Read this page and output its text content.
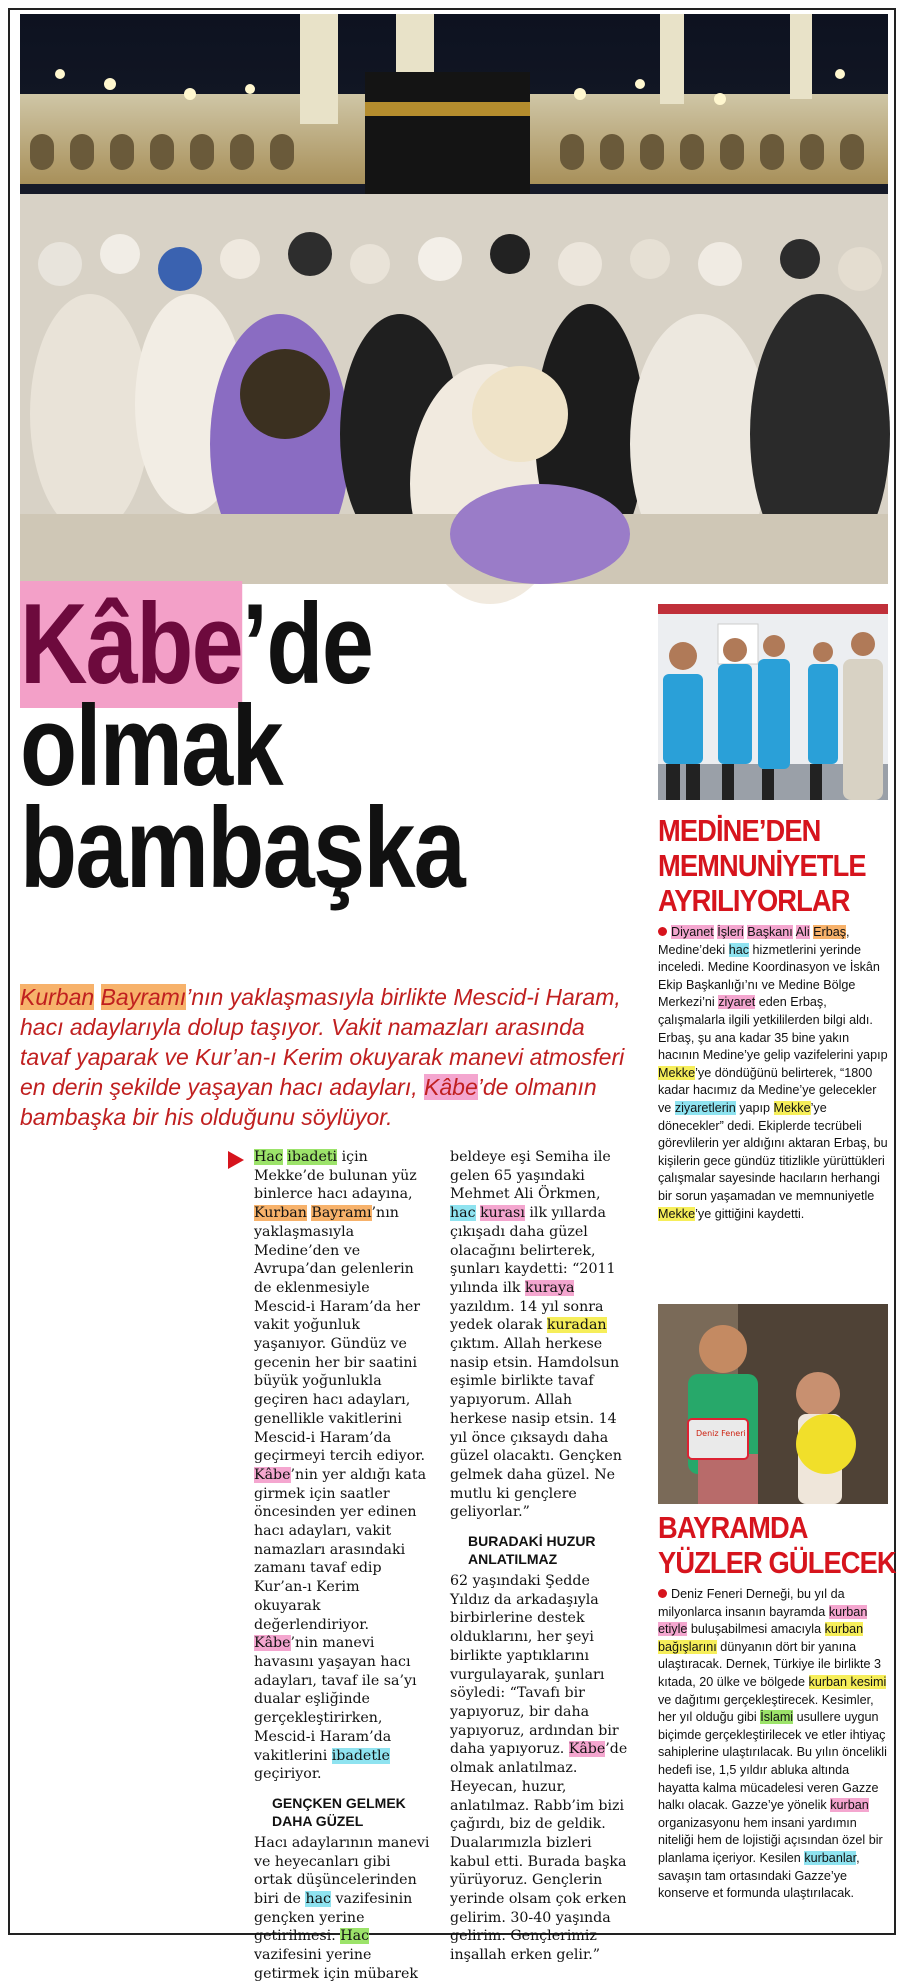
Kâbe’de
olmak
bambaşka
Kurban Bayramı’nın yaklaşmasıyla birlikte Mescid-i Haram, hacı adaylarıyla dolup taşıyor. Vakit namazları arasında tavaf yaparak ve Kur’an-ı Kerim okuyarak manevi atmosferi en derin şekilde yaşayan hacı adayları, Kâbe’de olmanın bambaşka bir his olduğunu söylüyor.

Hac ibadeti için Mekke’de bulunan yüz binlerce hacı adayına, Kurban Bayramı’nın yaklaşmasıyla Medine’den ve Avrupa’dan gelenlerin de eklenmesiyle Mescid-i Haram’da her vakit yoğunluk yaşanıyor. Gündüz ve gecenin her bir saatini büyük yoğunlukla geçiren hacı adayları, genellikle vakitlerini Mescid-i Haram’da geçirmeyi tercih ediyor. Kâbe’nin yer aldığı kata girmek için saatler öncesinden yer edinen hacı adayları, vakit namazları arasındaki zamanı tavaf edip Kur’an-ı Kerim okuyarak değerlendiriyor. Kâbe’nin manevi havasını yaşayan hacı adayları, tavaf ile sa’yı dualar eşliğinde gerçekleştirirken, Mescid-i Haram’da vakitlerini ibadetle geçiriyor.

GENÇKEN GELMEK DAHA GÜZEL

Hacı adaylarının manevi ve heyecanları gibi ortak düşüncelerinden biri de hac vazifesinin gençken yerine getirilmesi. Hac vazifesini yerine getirmek için mübarek

beldeye eşi Semiha ile gelen 65 yaşındaki Mehmet Ali Örkmen, hac kurası ilk yıllarda çıkışadı daha güzel olacağını belirterek, şunları kaydetti: “2011 yılında ilk kuraya yazıldım. 14 yıl sonra yedek olarak kuradan çıktım. Allah herkese nasip etsin. Hamdolsun eşimle birlikte tavaf yapıyorum. Allah herkese nasip etsin. 14 yıl önce çıksaydı daha güzel olacaktı. Gençken gelmek daha güzel. Ne mutlu ki gençlere geliyorlar.”

BURADAKİ HUZUR ANLATILMAZ

62 yaşındaki Şedde Yıldız da arkadaşıyla birbirlerine destek olduklarını, her şeyi birlikte yaptıklarını vurgulayarak, şunları söyledi: “Tavafı bir yapıyoruz, bir daha yapıyoruz, ardından bir daha yapıyoruz. Kâbe’de olmak anlatılmaz. Heyecan, huzur, anlatılmaz. Rabb’im bizi çağırdı, biz de geldik. Dualarımızla bizleri kabul etti. Burada başka yürüyoruz. Gençlerin yerinde olsam çok erken gelirim. 30-40 yaşında gelirim. Gençlerimiz inşallah erken gelir.”

MEDİNE’DEN
MEMNUNİYETLE
AYRILIYORLAR
Diyanet İşleri Başkanı Ali Erbaş, Medine’deki hac hizmetlerini yerinde inceledi. Medine Koordinasyon ve İskân Ekip Başkanlığı’nı ve Medine Bölge Merkezi’ni ziyaret eden Erbaş, çalışmalarla ilgili yetkililerden bilgi aldı. Erbaş, şu ana kadar 35 bine yakın hacının Medine’ye gelip vazifelerini yapıp Mekke’ye döndüğünü belirterek, “1800 kadar hacımız da Medine’ye gelecekler ve ziyaretlerin yapıp Mekke’ye dönecekler” dedi. Ekiplerde tecrübeli görevlilerin yer aldığını aktaran Erbaş, bu kişilerin gece gündüz titizlikle yürüttükleri çalışmalar sayesinde hacıların herhangi bir sorun yaşamadan ve memnuniyetle Mekke’ye gittiğini kaydetti.
Deniz Feneri
BAYRAMDA
YÜZLER GÜLECEK
Deniz Feneri Derneği, bu yıl da milyonlarca insanın bayramda kurban etiyle buluşabilmesi amacıyla kurban bağışlarını dünyanın dört bir yanına ulaştıracak. Dernek, Türkiye ile birlikte 3 kıtada, 20 ülke ve bölgede kurban kesimi ve dağıtımı gerçekleştirecek. Kesimler, her yıl olduğu gibi İslami usullere uygun biçimde gerçekleştirilecek ve etler ihtiyaç sahiplerine ulaştırılacak. Bu yılın öncelikli hedefi ise, 1,5 yıldır abluka altında hayatta kalma mücadelesi veren Gazze halkı olacak. Gazze’ye yönelik kurban organizasyonu hem insani yardımın niteliği hem de lojistiği açısından özel bir planlama içeriyor. Kesilen kurbanlar, savaşın tam ortasındaki Gazze’ye konserve et formunda ulaştırılacak.
